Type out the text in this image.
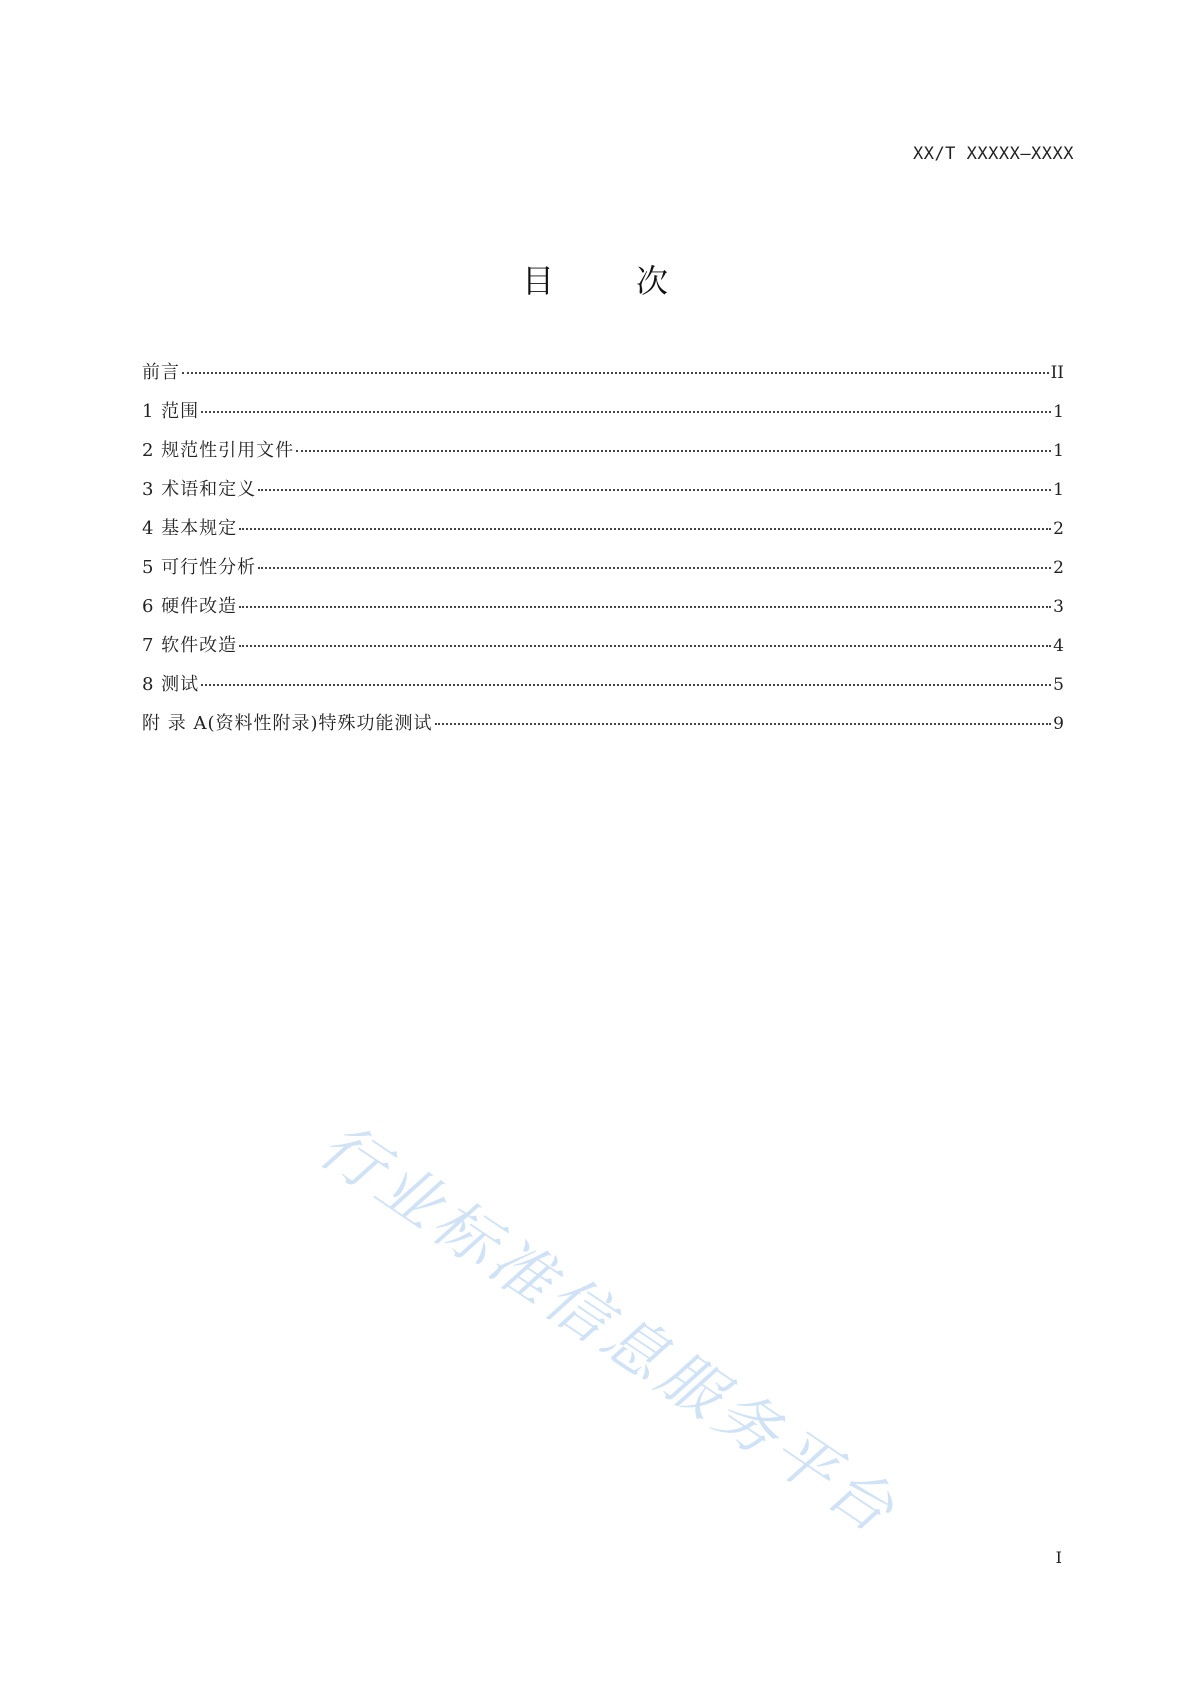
XX/T XXXXX—XXXX
目次
前言	II
1 范围	1
2 规范性引用文件	1
3 术语和定义	1
4 基本规定	2
5 可行性分析	2
6 硬件改造	3
7 软件改造	4
8 测试	5
附 录 A(资料性附录)特殊功能测试	9
行业标准信息服务平台
I
